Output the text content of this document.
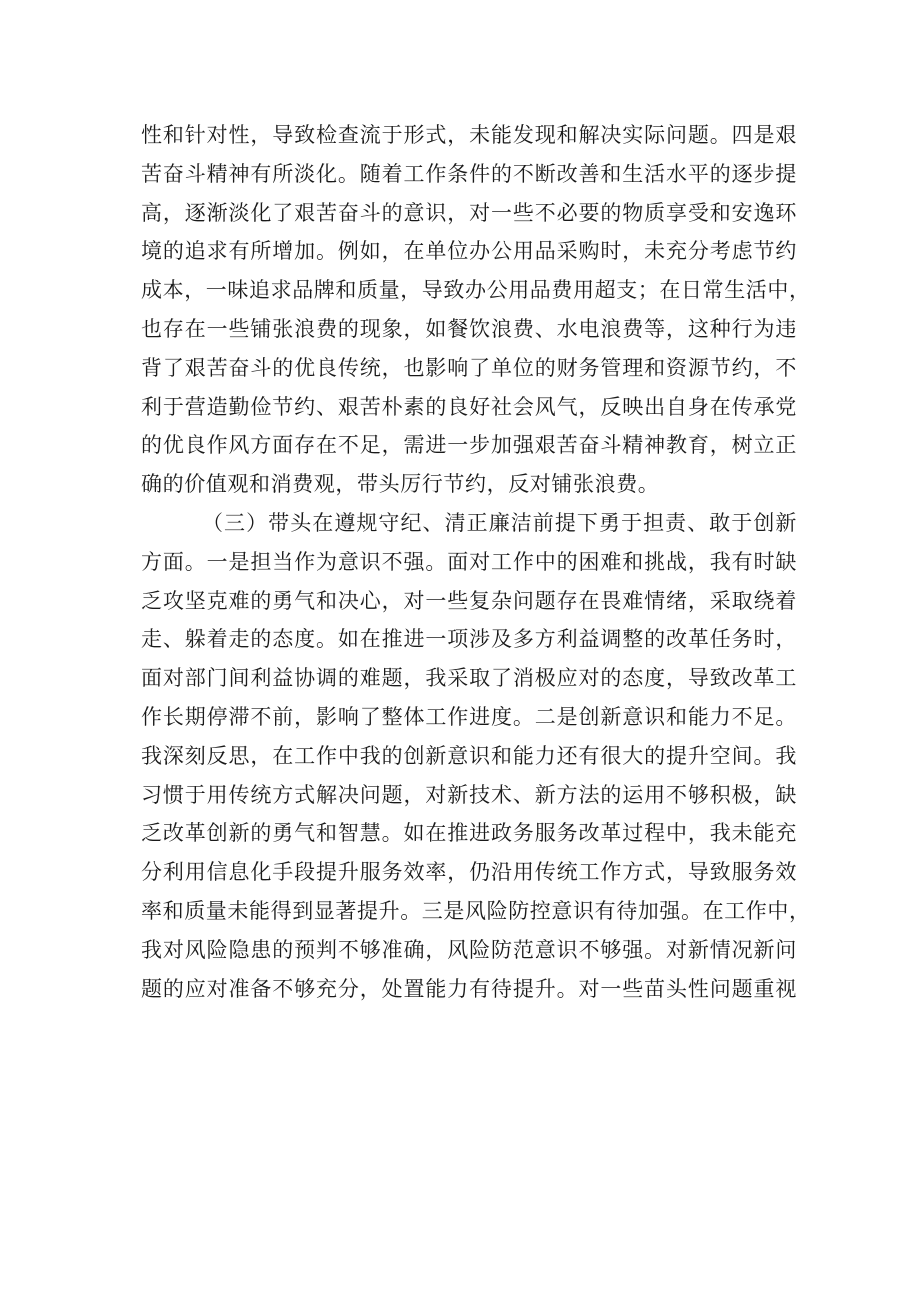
性和针对性，导致检查流于形式，未能发现和解决实际问题。四是艰
苦奋斗精神有所淡化。随着工作条件的不断改善和生活水平的逐步提
高，逐渐淡化了艰苦奋斗的意识，对一些不必要的物质享受和安逸环
境的追求有所增加。例如，在单位办公用品采购时，未充分考虑节约
成本，一味追求品牌和质量，导致办公用品费用超支；在日常生活中，
也存在一些铺张浪费的现象，如餐饮浪费、水电浪费等，这种行为违
背了艰苦奋斗的优良传统，也影响了单位的财务管理和资源节约，不
利于营造勤俭节约、艰苦朴素的良好社会风气，反映出自身在传承党
的优良作风方面存在不足，需进一步加强艰苦奋斗精神教育，树立正
确的价值观和消费观，带头厉行节约，反对铺张浪费。
（三）带头在遵规守纪、清正廉洁前提下勇于担责、敢于创新
方面。一是担当作为意识不强。面对工作中的困难和挑战，我有时缺
乏攻坚克难的勇气和决心，对一些复杂问题存在畏难情绪，采取绕着
走、躲着走的态度。如在推进一项涉及多方利益调整的改革任务时，
面对部门间利益协调的难题，我采取了消极应对的态度，导致改革工
作长期停滞不前，影响了整体工作进度。二是创新意识和能力不足。
我深刻反思，在工作中我的创新意识和能力还有很大的提升空间。我
习惯于用传统方式解决问题，对新技术、新方法的运用不够积极，缺
乏改革创新的勇气和智慧。如在推进政务服务改革过程中，我未能充
分利用信息化手段提升服务效率，仍沿用传统工作方式，导致服务效
率和质量未能得到显著提升。三是风险防控意识有待加强。在工作中，
我对风险隐患的预判不够准确，风险防范意识不够强。对新情况新问
题的应对准备不够充分，处置能力有待提升。对一些苗头性问题重视
